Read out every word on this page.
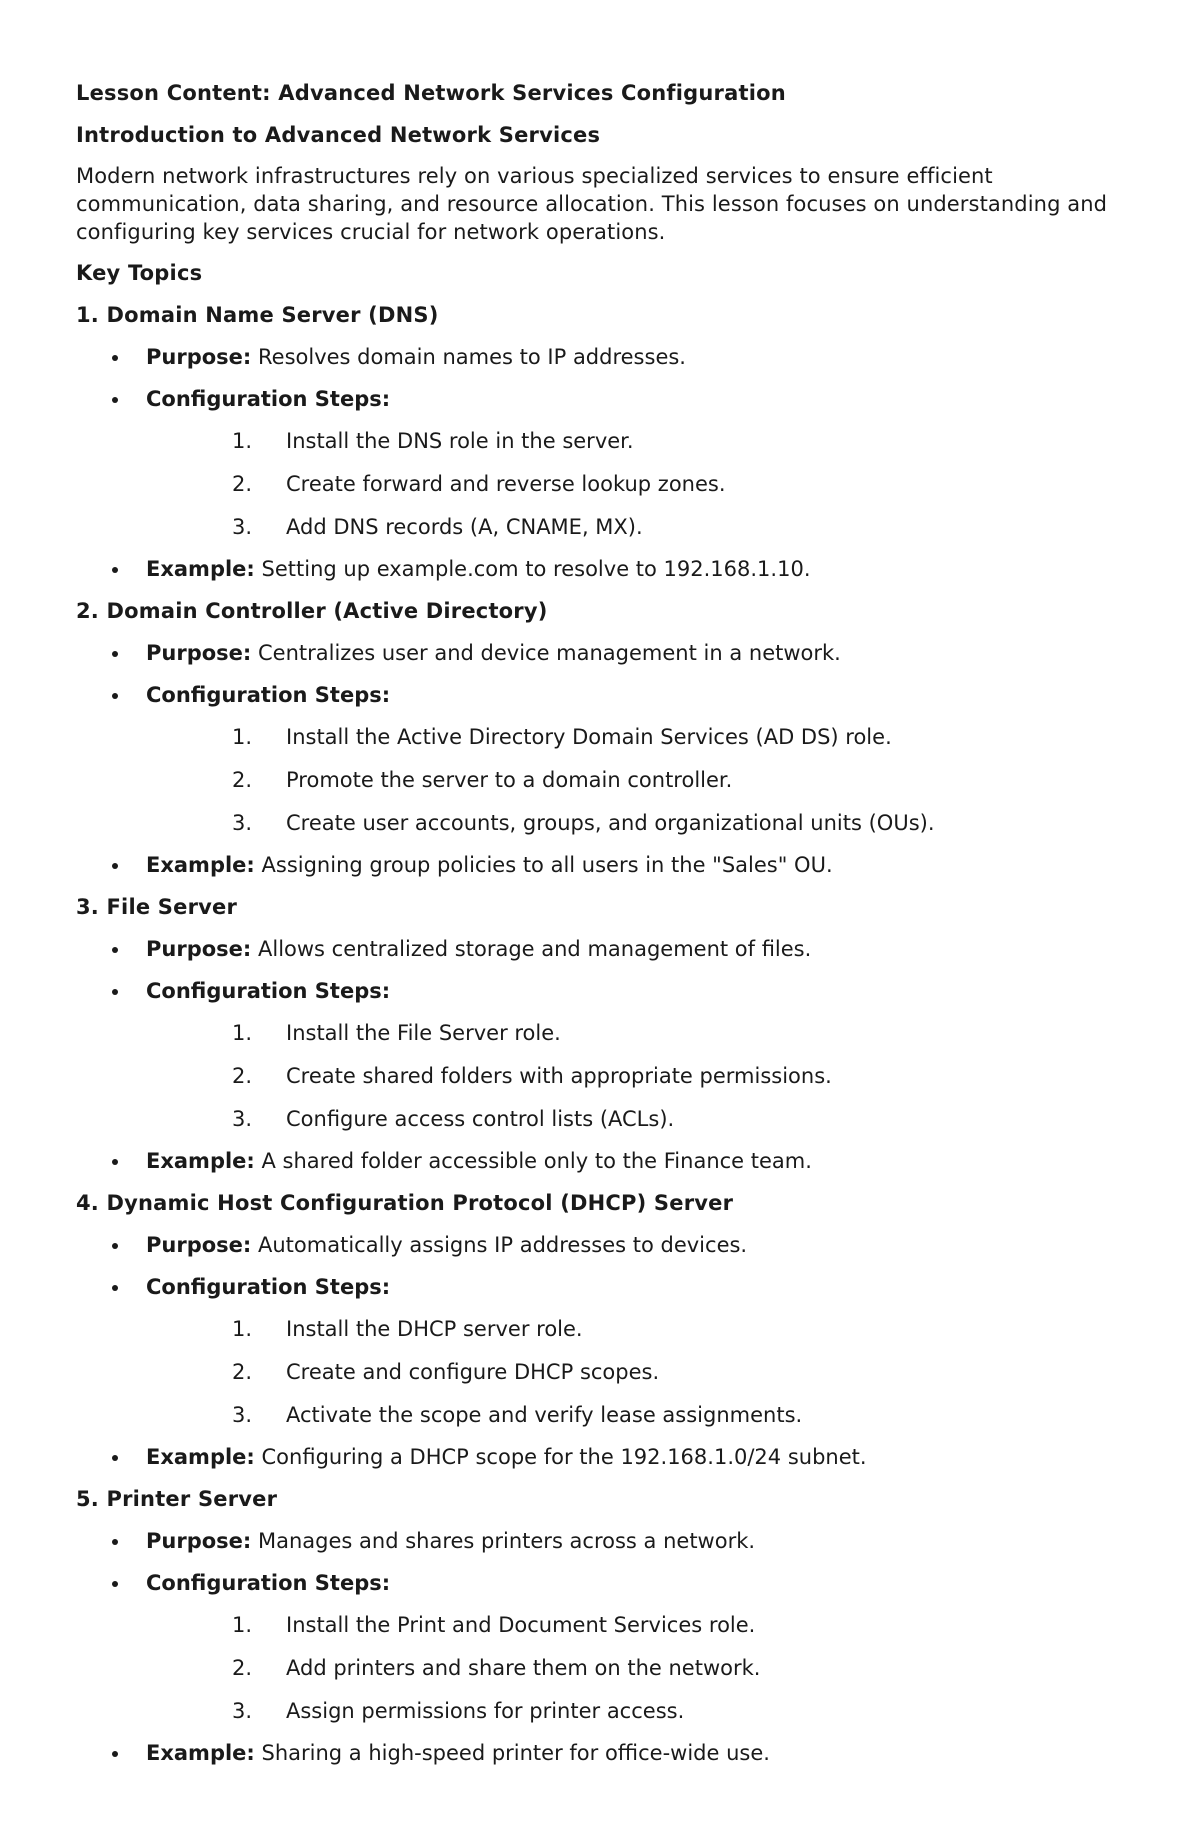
Lesson Content: Advanced Network Services Configuration

Introduction to Advanced Network Services

Modern network infrastructures rely on various specialized services to ensure efficient communication, data sharing, and resource allocation. This lesson focuses on understanding and configuring key services crucial for network operations.

Key Topics

1. Domain Name Server (DNS)

Purpose: Resolves domain names to IP addresses.
Configuration Steps:
1. Install the DNS role in the server.
2. Create forward and reverse lookup zones.
3. Add DNS records (A, CNAME, MX).
Example: Setting up example.com to resolve to 192.168.1.10.

2. Domain Controller (Active Directory)

Purpose: Centralizes user and device management in a network.
Configuration Steps:
1. Install the Active Directory Domain Services (AD DS) role.
2. Promote the server to a domain controller.
3. Create user accounts, groups, and organizational units (OUs).
Example: Assigning group policies to all users in the "Sales" OU.

3. File Server

Purpose: Allows centralized storage and management of files.
Configuration Steps:
1. Install the File Server role.
2. Create shared folders with appropriate permissions.
3. Configure access control lists (ACLs).
Example: A shared folder accessible only to the Finance team.

4. Dynamic Host Configuration Protocol (DHCP) Server

Purpose: Automatically assigns IP addresses to devices.
Configuration Steps:
1. Install the DHCP server role.
2. Create and configure DHCP scopes.
3. Activate the scope and verify lease assignments.
Example: Configuring a DHCP scope for the 192.168.1.0/24 subnet.

5. Printer Server

Purpose: Manages and shares printers across a network.
Configuration Steps:
1. Install the Print and Document Services role.
2. Add printers and share them on the network.
3. Assign permissions for printer access.
Example: Sharing a high-speed printer for office-wide use.
